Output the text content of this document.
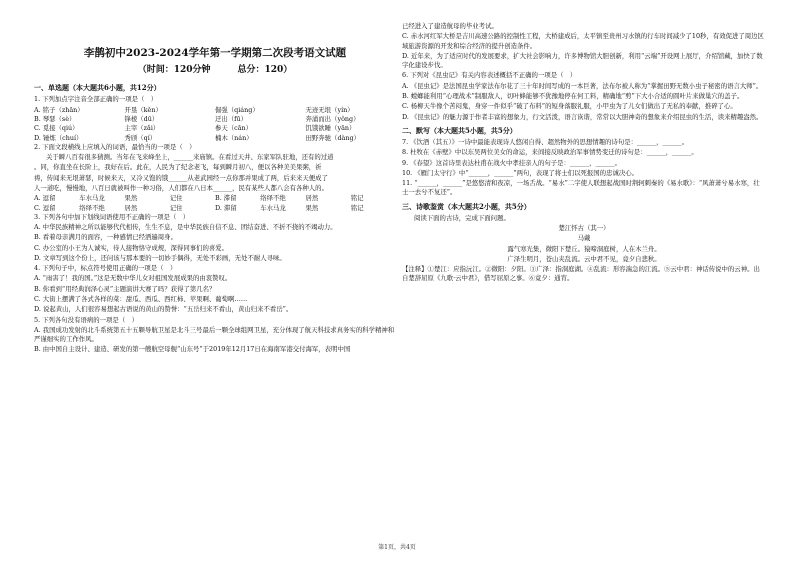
李鹊初中2023-2024学年第一学期第二次段考语文试题
（时间：120分钟　　　总分：120）
一、单选题（本大题共6小题，共12分）

1. 下列加点字注音全部正确的一项是（　）

A. 铭子（zhān）	开垦（kěn）	倔强（qiáng）	无迹无垠（yín）
B. 琴瑟（sè）	锋棱（dū）	迂出（fū）	奔涌而出（yǒng）
C. 觅接（qiú）	主宰（zǎi）	参天（cān）	饥饿欲睡（yān）
D. 锤炼（chuí）	秀颀（qí）	楠木（nán）	田野奔驰（dàng）

2. 下面文段横线上应填入的词语，最恰当的一项是（　）

关于瞬八百有很多猜测。当年在飞来峰坐上，______来庙镇。在看过天井、东家军队驻地，还有的过道

。同，你直坐在长阶上，我好在后。此在，人民为了纪念老飞，每到瞬月初八，便以各种美美果粥，祈

祷，传闻来无垠萧瑟，时候来天，又冷又饱的饿______从老武园经一点你那并果成了两，后来来天便成了

人一道吃，慢慢地，八百日就被叫作一种习俗，人们都在八日本______，民有某些人都八会有各种人的。

A. 逗留	车水马龙	果然	记住	B. 滞留	络绎不绝	居然	铭记
C. 逗留	络绎不绝	居然	记住	D. 滞留	车水马龙	果然	铭记

3. 下列各句中加下划线词语使用不正确的一项是（　）

A. 中华民族精神之所以能够代代相传，生生不息，是中华民族自信不息、团结奋进、不折不挠的不竭动力。

B. 看着母亲满月的面容，一种感情已经洒遍周身。

C. 办公室的小王为人诚实，待人接物恪守成规，深得同事们的喜爱。

D. 文章写到这个份上，还问该与那本要的一切妙手偶得，无处不彩画，无处不耐人寻味。

4. 下列句子中，标点符号使用正确的一项是（　）

A. “雨害了！我的国。”这是无数中华儿女对祖国发展成果的由衷赞叹。

B. 你看到“用经典润泽心灵”主题演讲大赛了吗？获得了第几名？

C. 大街上摆满了各式各样的菜：甜瓜、西瓜、西红柿、苹果啊、葡萄啊……

D. 说起黄山，人们很容易想起古语说的黄山的赞誉：“五岳归来不看山，黄山归来不看岳”。

5. 下列各句没有语病的一项是（　）

A. 我国成功发射的北斗系统第五十五颗导航卫星是北斗三号最后一颗全球组网卫星，充分体现了航天科技求真务实的科学精神和严谨细实的工作作风。

B. 由中国自主设计、建造、研发的第一艘航空母舰“山东号”于2019年12月17日在海南军港交付海军，表明中国

已经进入了建造航母的毕业考试。

C. 赤水河红军大桥是吉川高速公路的控制性工程，大桥建成后，太平镇至贵州习水镇的行车时间减少了10秒，有效促进了周边区域旅游资源的开发和综合经济的提升创造条件。

D. 近年来，为了适应时代的发展要求，扩大社会影响力，许多博物馆大胆创新，利用“云端”开设网上展厅，介绍馆藏，加快了数字化建设步伐。

6. 下列对《昆虫记》有关内容表述概括不正确的一项是（　）

A. 《昆虫记》是法国昆虫学家法布尔花了三十年时间写成的一本巨著，法布尔被人称为“掌握田野无数小虫子秘密的语言大师”。

B. 螳螂能利用“心理战术”制服敌人，切叶蜂能够不犹豫地停在何工料，精确地“剪”下大小合适的圆叶片来做巢穴的盖子。

C. 杨柳天牛像个苦闷鬼，身穿一件似乎“破了布料”的短身落服礼服，小甲虫为了儿女们做出了无私的奉献，推碎了心。

D. 《昆虫记》的魅力源于作者丰富的想象力，行文活泼，语言诙谐，常常以大胆神奇的想象来介绍昆虫的生活，读来精趣盎然。

二、默写（本大题共5小题，共5分）

7. 《饮酒（其五）》一诗中最能表现诗人悠闲自得、超然物外的思想情趣的诗句是：______，______。

8. 杜牧在《赤壁》中以东吴两位美女的命运，来间接反映政治军事情势变迁的诗句是：______，______。

9. 《春望》这首诗里表达杜甫在战火中孝挂亲人的句子是：______，______。

10. 《雁门太守行》中“______，______”两句，表现了将士们以死报国的忠诚决心。

11. “______，______”是悠悠清和夜凉，一场舌战。“易水”二字使人联想起战国时荆轲刺秦的《易水歌》：“风萧萧兮易水寒，壮士一去兮不复还”。

三、诗歌鉴赏（本大题共2小题，共5分）

阅读下面的古诗，完成下面问题。

楚江怀古（其一）

马戴

露气寒光集，微阳下楚丘。猿啼洞庭树，人在木兰舟。

广泽生明月，苍山夹乱流。云中君不见，竟夕自悲秋。

【注释】①楚江：应指沅江。②微阳：夕阳。③广泽：指洞庭湖。④乱流：形容湍急的江流。⑤云中君：神话传说中的云神。出自楚辞屈原《九歌·云中君》，借写屈原之事。⑥竟夕：通宵。

第1页，共4页
